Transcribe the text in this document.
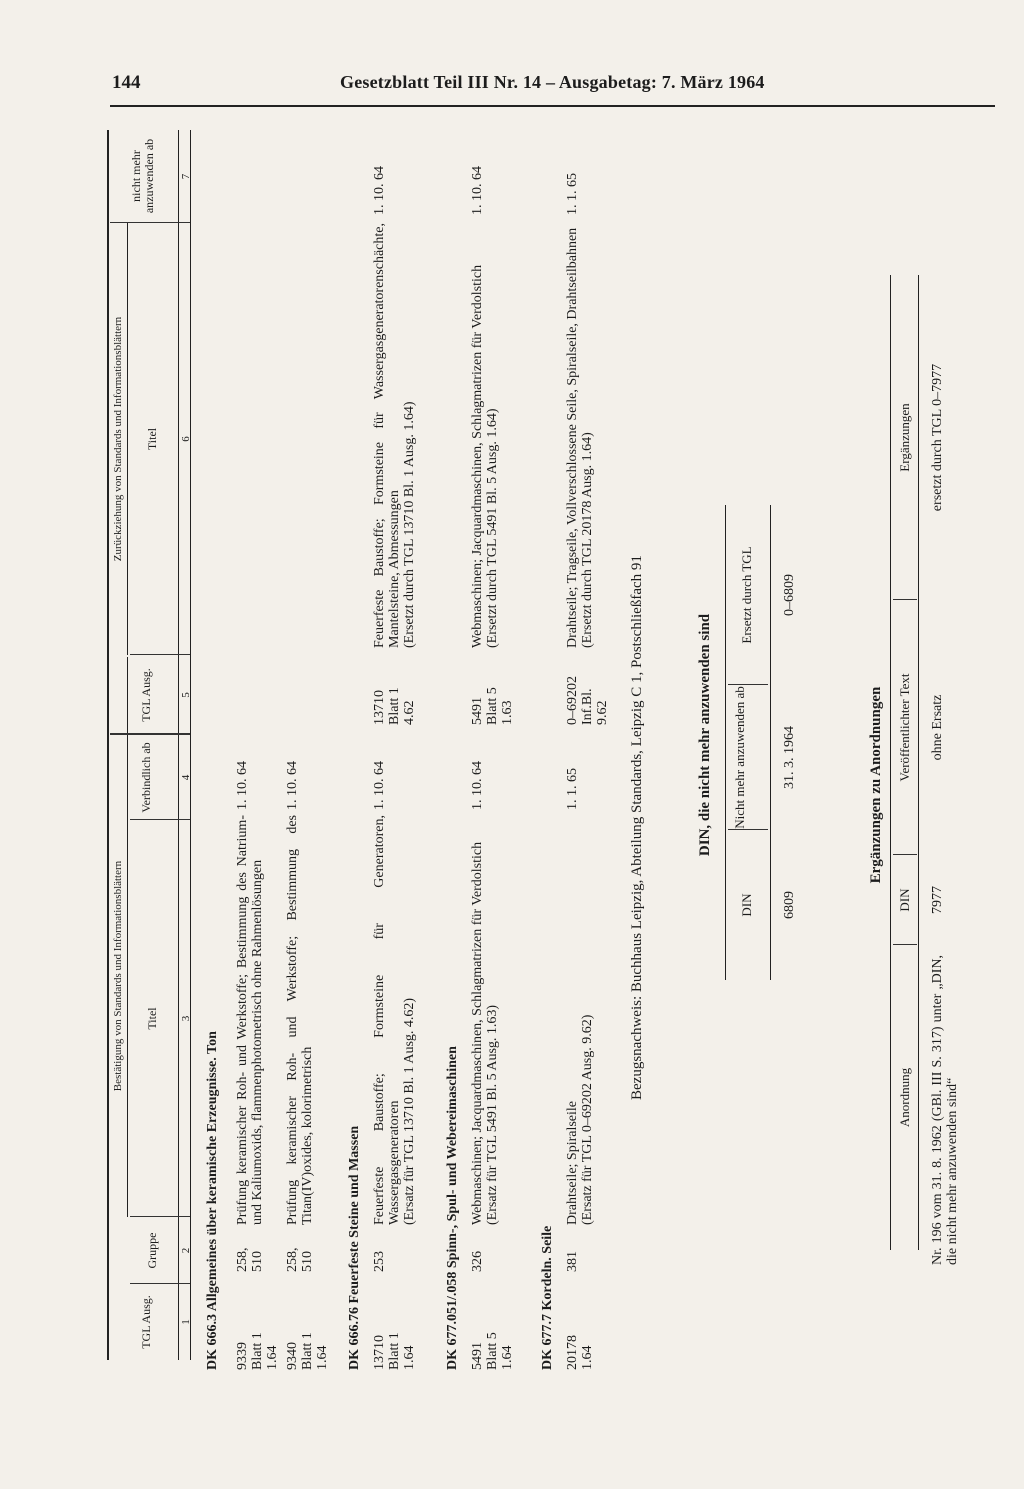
144	Gesetzblatt Teil III Nr. 14 – Ausgabetag: 7. März 1964
Bestätigung von Standards und Informationsblättern
Zurückziehung von Standards und Informationsblättern
TGL Ausg.
Gruppe
Titel
Verbindlich ab
TGL Ausg.
Titel
nicht mehr anzuwenden ab
1
2
3
4
5
6
7
DK 666.3 Allgemeines über keramische Erzeugnisse. Ton 9339
Blatt 1
1.64
258,
510
Prüfung keramischer Roh- und Werkstoffe; Bestimmung des Natrium- und Kaliumoxids, flammenphotometrisch ohne Rahmenlösungen
1. 10. 64
9340
Blatt 1
1.64
258,
510
Prüfung keramischer Roh- und Werkstoffe; Bestimmung des Titan(IV)oxides, kolorimetrisch
1. 10. 64
DK 666.76 Feuerfeste Steine und Massen 13710
Blatt 1
1.64
253
Feuerfeste Baustoffe; Formsteine für Generatoren, Wassergasgeneratoren
(Ersatz für TGL 13710 Bl. 1 Ausg. 4.62)
1. 10. 64
13710
Blatt 1
4.62
Feuerfeste Baustoffe; Formsteine für Wassergasgeneratorenschächte, Mantelsteine, Abmessungen
(Ersetzt durch TGL 13710 Bl. 1 Ausg. 1.64)
1. 10. 64
DK 677.051/.058 Spinn-, Spul- und Webereimaschinen 5491
Blatt 5
1.64
326
Webmaschinen; Jacquardmaschinen, Schlagmatrizen für Verdolstich
(Ersatz für TGL 5491 Bl. 5 Ausg. 1.63)
1. 10. 64
5491
Blatt 5
1.63
Webmaschinen; Jacquardmaschinen, Schlagmatrizen für Verdolstich
(Ersetzt durch TGL 5491 Bl. 5 Ausg. 1.64)
1. 10. 64
DK 677.7 Kordeln. Seile 20178
1.64
381
Drahtseile; Spiralseile
(Ersatz für TGL 0–69202 Ausg. 9.62)
1. 1. 65
0–69202
Inf.Bl.
9.62
Drahtseile; Tragseile, Vollverschlossene Seile, Spiralseile, Drahtseilbahnen
(Ersetzt durch TGL 20178 Ausg. 1.64)
1. 1. 65
Bezugsnachweis: Buchhaus Leipzig, Abteilung Standards, Leipzig C 1, Postschließfach 91	DIN, die nicht mehr anzuwenden sind
DIN
Nicht mehr anzuwenden ab
Ersetzt durch TGL
6809
31. 3. 1964
0–6809
Ergänzungen zu Anordnungen
Anordnung
DIN
Veröffentlichter Text
Ergänzungen
Nr. 196 vom 31. 8. 1962 (GBl. III S. 317) unter „DIN, die nicht mehr anzuwenden sind“
7977
ohne Ersatz
ersetzt durch TGL 0–7977
